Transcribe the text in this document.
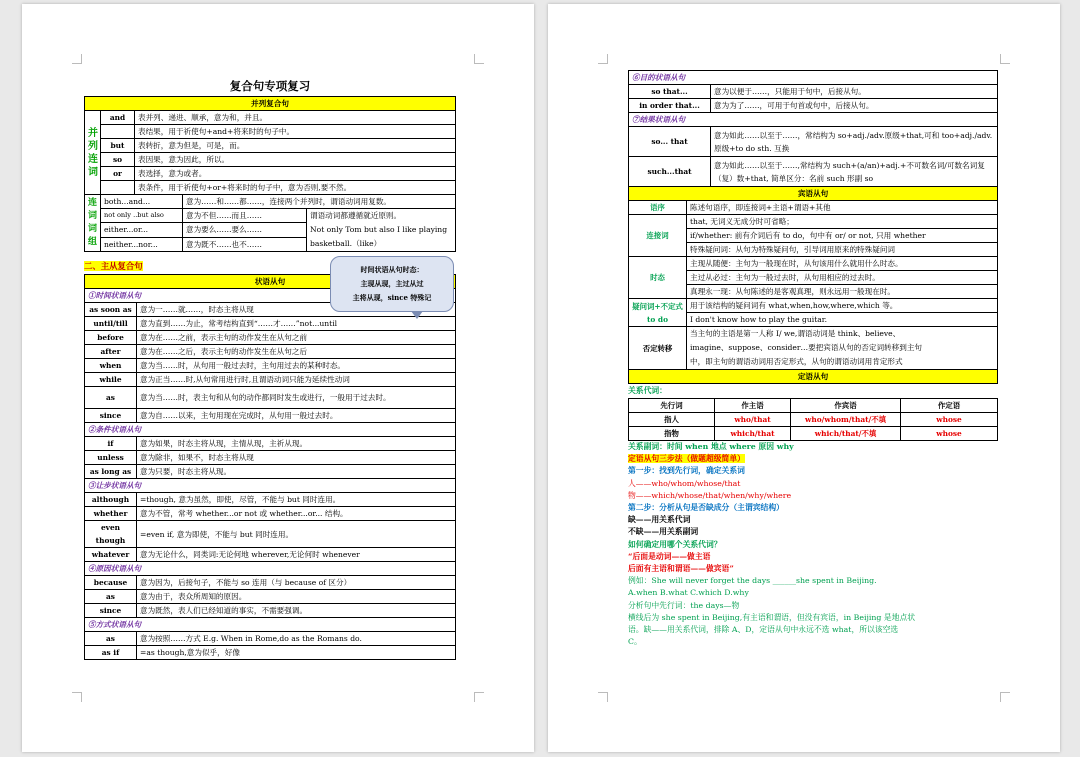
复合句专项复习
并列复合句		
并列连词	and	表并列、递进、顺承，意为和，并且。
		表结果，用于祈使句+and+将来时的句子中。
	but	表转折，意为但是，可是，而。
	so	表因果，意为因此，所以。
	or	表选择，意为或者。
		表条件，用于祈使句+or+将来时的句子中，意为否则,要不然。
连词词组	both...and...	意为……和……都……，连接两个并列时，谓语动词用复数。	
	not only ..but also	意为不但……而且……	谓语动词都遵循就近原则。
Not only Tom but also I like playing basketball.（like）

	either...or...	意为要么……要么……	
	neither...nor...	意为既不……也不……	
二、主从复合句
状语从句	
①时间状语从句	
as soon as	意为一……就……，时态主将从现
until/till	意为直到……为止，常考结构直到“……才……”not...until
before	意为在……之前，表示主句的动作发生在从句之前
after	意为在……之后，表示主句的动作发生在从句之后
when	意为当……时，从句用一般过去时，主句用过去的某种时态。
while	意为正当……时,从句常用进行时,且谓语动词只能为延续性动词
as	意为当……时，表主句和从句的动作都同时发生或进行，一般用于过去时。
since	意为自……以来，主句用现在完成时，从句用一般过去时。
②条件状语从句	
if	意为如果，时态主将从现，主情从现，主祈从现。
unless	意为除非，如果不，时态主将从现
as long as	意为只要，时态主将从现。
③让步状语从句	
although	=though, 意为虽然，即使，尽管，不能与 but 同时连用。
whether	意为不管，常考 whether...or not 或 whether...or... 结构。
even though	=even if, 意为即使，不能与 but 同时连用。
whatever	意为无论什么，同类词:无论何地 wherever,无论何时 whenever
④原因状语从句	
because	意为因为，后接句子，不能与 so 连用（与 because of 区分）
as	意为由于，表众所周知的原因。
since	意为既然，表人们已经知道的事实，不需要强调。
⑤方式状语从句	
as	意为按照……方式 E.g. When in Rome,do as the Romans do.
as if	=as though,意为似乎，好像
时间状语从句时态：
主现从现，主过从过
主将从现，since 特殊记
⑥目的状语从句	
so that...	意为以便于……，只能用于句中，后接从句。
in order that...	意为为了……，可用于句首或句中，后接从句。
⑦结果状语从句	
so... that	意为如此……以至于……，常结构为 so+adj./adv.原级+that,可和 too+adj./adv.原级+to do sth. 互换
such...that	意为如此……以至于……,常结构为 such+(a/an)+adj.+不可数名词/可数名词复（复）数+that, 简单区分：名前 such 形副 so
宾语从句	
语序	陈述句语序，即连接词+主语+谓语+其他
连接词	that, 无词义无成分时可省略；
if/whether: 前有介词后有 to do，句中有 or/ or not, 只用 whether
特殊疑问词：从句为特殊疑问句，引导词用原来的特殊疑问词

时态	主现从随便：主句为一般现在时，从句该用什么就用什么时态。
主过从必过：主句为一般过去时，从句用相应的过去时。
真理永一现：从句陈述的是客观真理，则永远用一般现在时。

疑问词+不定式 to do	用于该结构的疑问词有 what,when,how,where,which 等。
I don't know how to play the guitar.

否定转移	当主句的主语是第一人称 I/ we,谓语动词是 think、believe、
imagine、suppose、consider…要把宾语从句的否定词转移到主句
中，即主句的谓语动词用否定形式，从句的谓语动词用肯定形式

定语从句	
关系代词：
先行词	作主语	作宾语	作定语
指人	who/that	who/whom/that/不填	whose
指物	which/that	which/that/不填	whose
关系副词：时间 when 地点 where 原因 why
定语从句三步法（做题超级简单）
第一步：找到先行词，确定关系词
人——who/whom/whose/that
物——which/whose/that/when/why/where
第二步：分析从句是否缺成分（主谓宾结构）
缺——用关系代词
不缺——用关系副词
如何确定用哪个关系代词？
“后面是动词——做主语
后面有主语和谓语——做宾语”
例如：She will never forget the days ______she spent in Beijing.
A.when B.what C.which D.why
分析句中先行词：the days—物
横线后为 she spent in Beijing,有主语和谓语，但没有宾语，in Beijing 是地点状
语。缺——用关系代词，排除 A、D，定语从句中永远不选 what，所以该空选
C。
